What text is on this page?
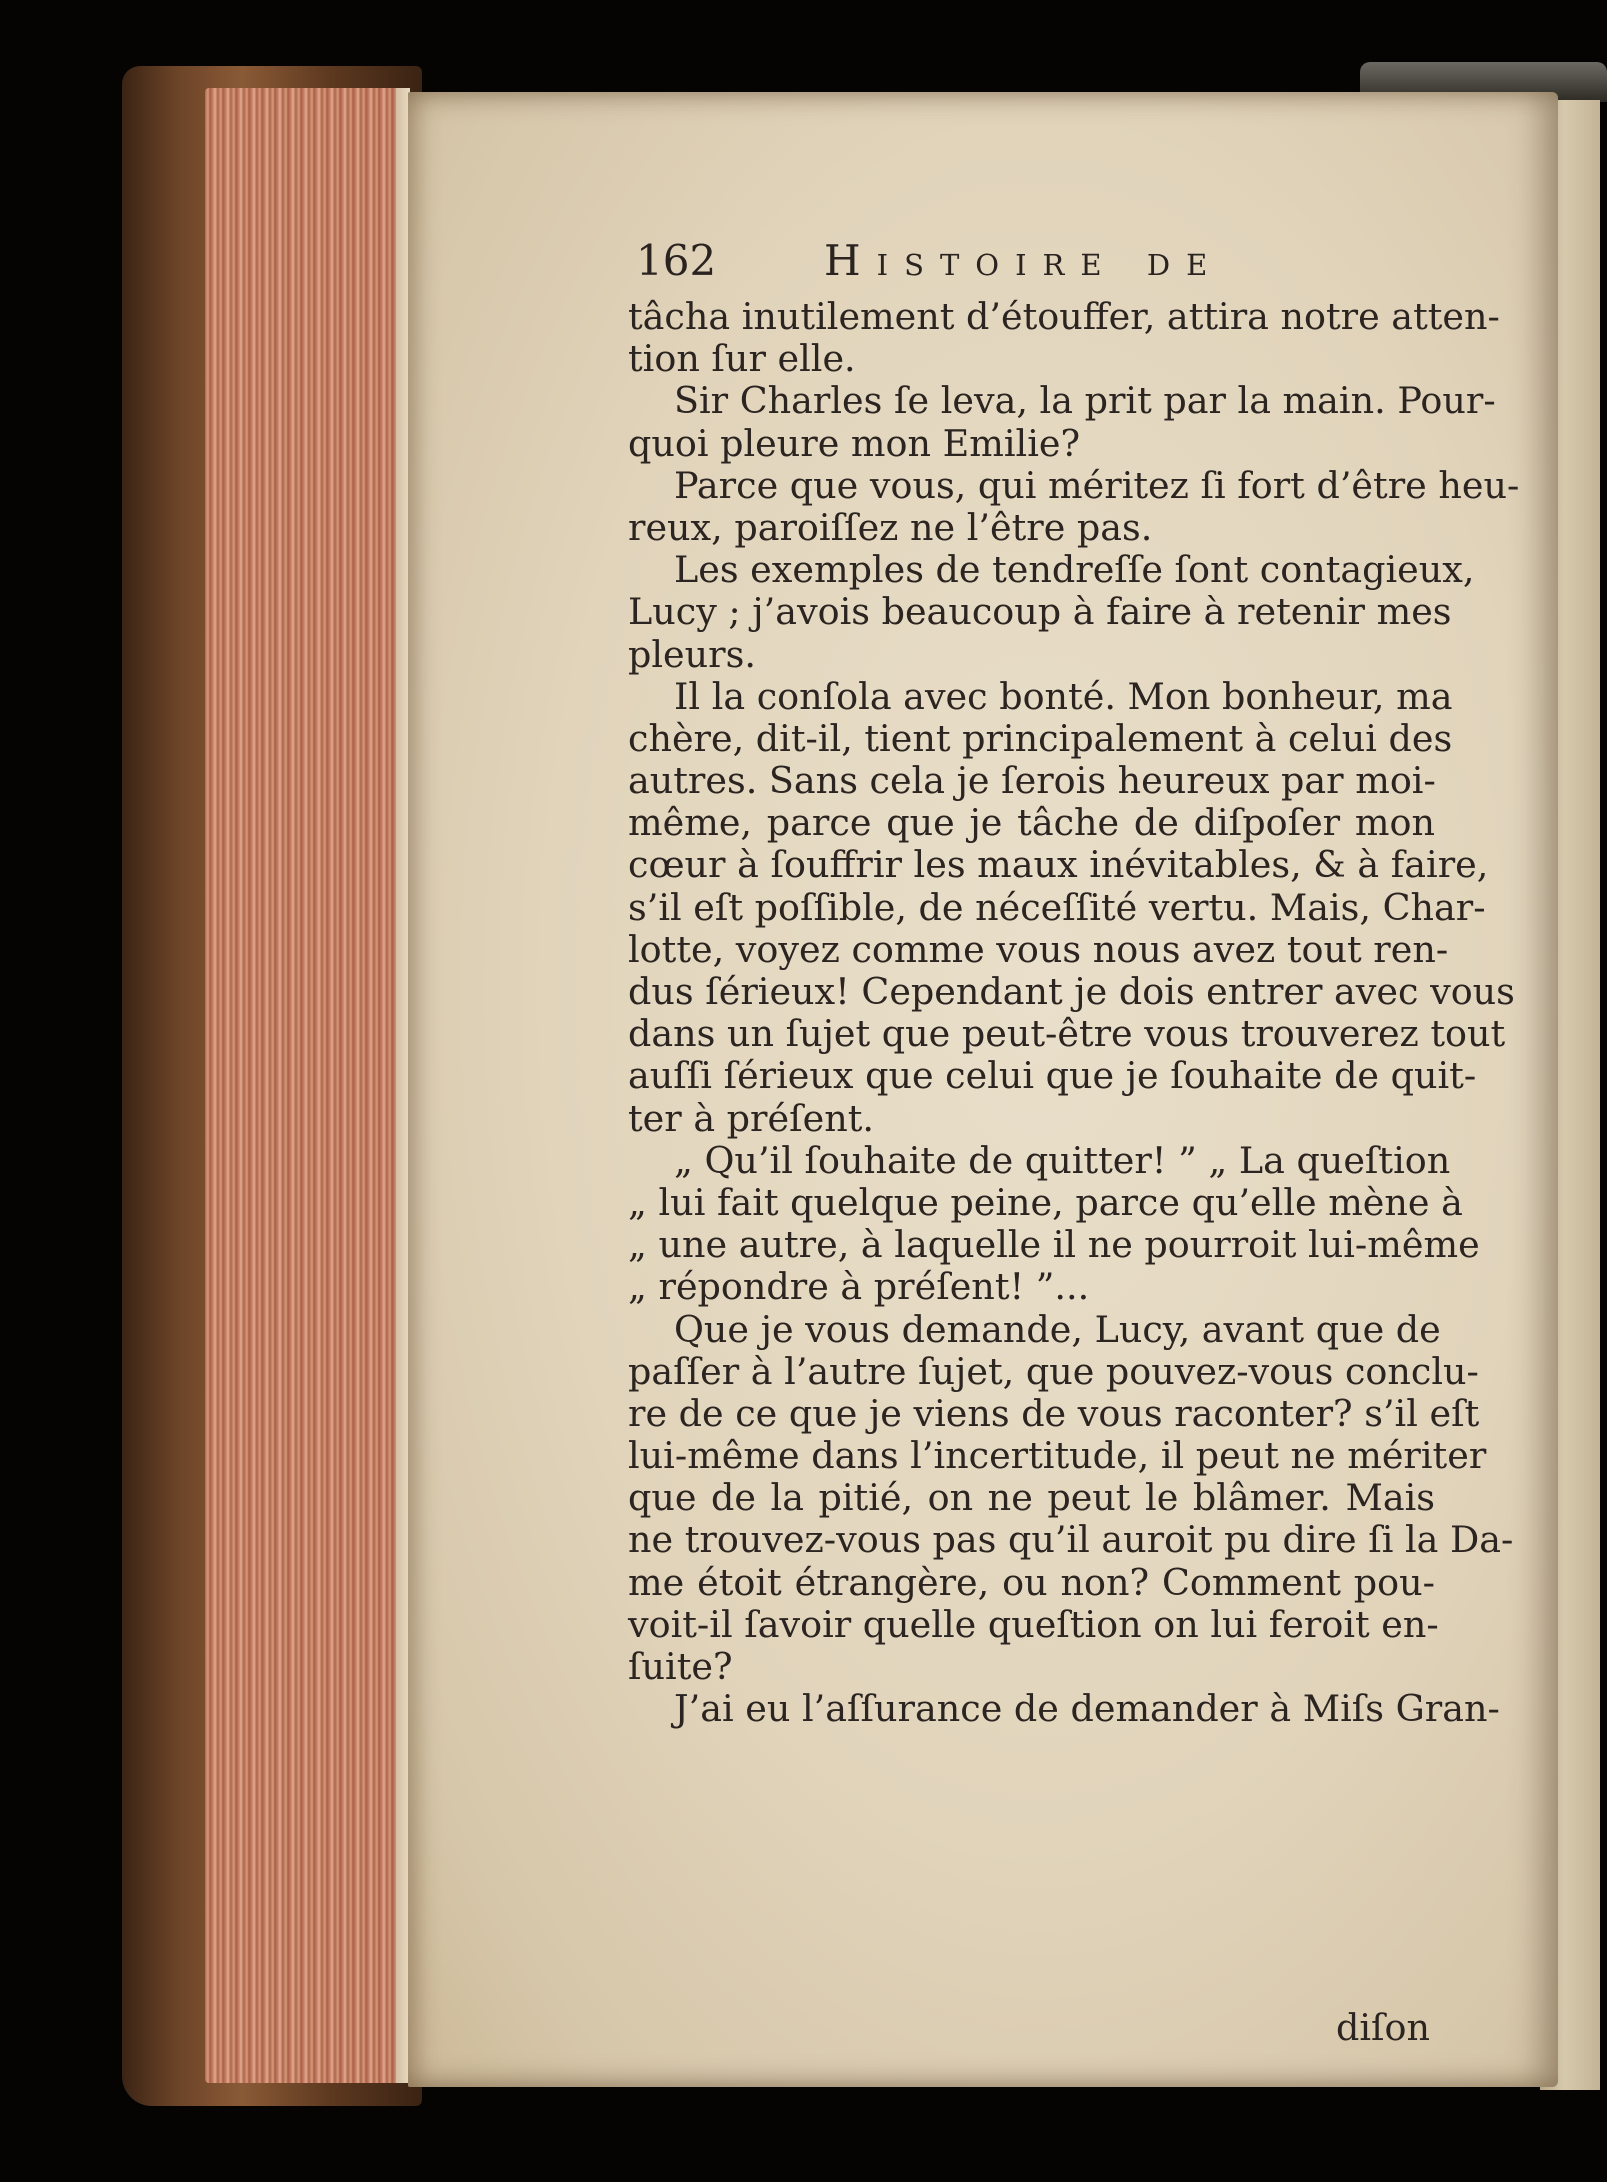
162	Histoire de
tâcha inutilement d’étouffer, attira notre atten-
tion ſur elle.
Sir Charles ſe leva, la prit par la main. Pour-
quoi pleure mon Emilie?
Parce que vous, qui méritez ſi fort d’être heu-
reux, paroiſſez ne l’être pas.
Les exemples de tendreſſe ſont contagieux,
Lucy ; j’avois beaucoup à faire à retenir mes
pleurs.
Il la conſola avec bonté. Mon bonheur, ma
chère, dit-il, tient principalement à celui des
autres. Sans cela je ſerois heureux par moi-
même, parce que je tâche de diſpoſer mon
cœur à ſouffrir les maux inévitables, & à faire,
s’il eſt poſſible, de néceſſité vertu. Mais, Char-
lotte, voyez comme vous nous avez tout ren-
dus ſérieux! Cependant je dois entrer avec vous
dans un ſujet que peut-être vous trouverez tout
auſſi ſérieux que celui que je ſouhaite de quit-
ter à préſent.
„ Qu’il ſouhaite de quitter! ” „ La queſtion
„ lui fait quelque peine, parce qu’elle mène à
„ une autre, à laquelle il ne pourroit lui-même
„ répondre à préſent! ”...
Que je vous demande, Lucy, avant que de
paſſer à l’autre ſujet, que pouvez-vous conclu-
re de ce que je viens de vous raconter? s’il eſt
lui-même dans l’incertitude, il peut ne mériter
que de la pitié, on ne peut le blâmer. Mais
ne trouvez-vous pas qu’il auroit pu dire ſi la Da-
me étoit étrangère, ou non? Comment pou-
voit-il ſavoir quelle queſtion on lui feroit en-
ſuite?
J’ai eu l’aſſurance de demander à Miſs Gran-
diſon
